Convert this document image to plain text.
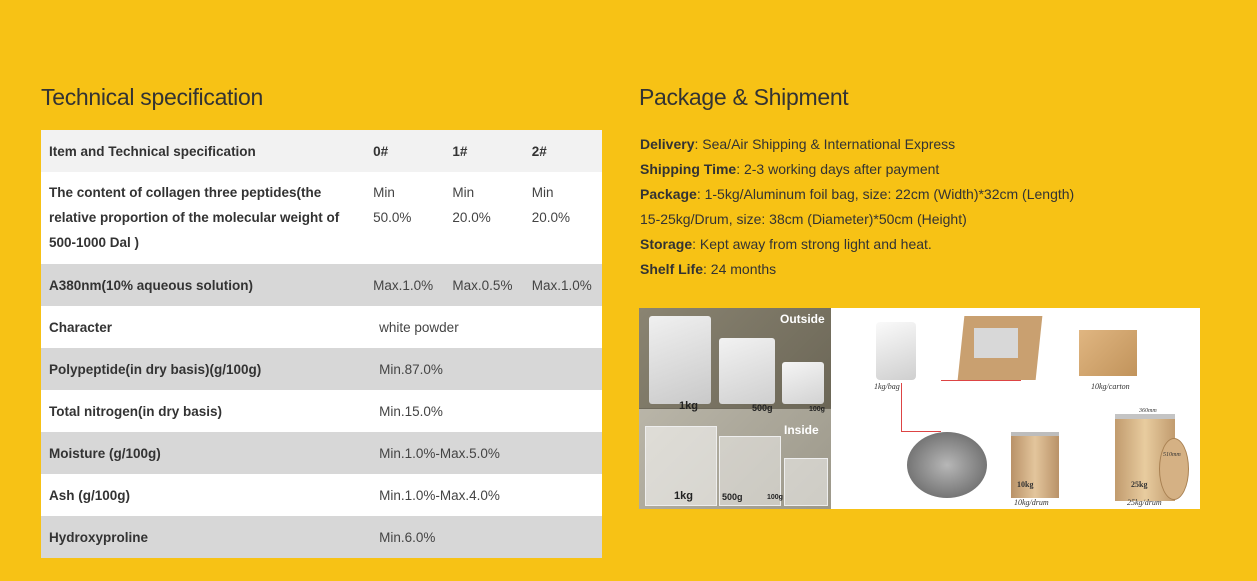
Technical specification	Package & Shipment
Item and Technical specification	0#	1#	2#
The content of collagen three peptides(the relative proportion of the molecular weight of 500-1000 Dal )	Min 50.0%	Min 20.0%	Min 20.0%
A380nm(10% aqueous solution)	Max.1.0%	Max.0.5%	Max.1.0%
Character	white powder		
Polypeptide(in dry basis)(g/100g)	Min.87.0%		
Total nitrogen(in dry basis)	Min.15.0%		
Moisture (g/100g)	Min.1.0%-Max.5.0%		
Ash (g/100g)	Min.1.0%-Max.4.0%		
Hydroxyproline	Min.6.0%		
Delivery: Sea/Air Shipping & International Express
Shipping Time: 2-3 working days after payment
Package: 1-5kg/Aluminum foil bag, size: 22cm (Width)*32cm (Length)
15-25kg/Drum, size: 38cm (Diameter)*50cm (Height)
Storage: Kept away from strong light and heat.
Shelf Life: 24 months
Outside
Inside
1kg	500g	100g
1kg	500g	100g
1kg/bag	10kg/carton
10kg
10kg/drum
25kg
360mm
510mm
25kg/drum
